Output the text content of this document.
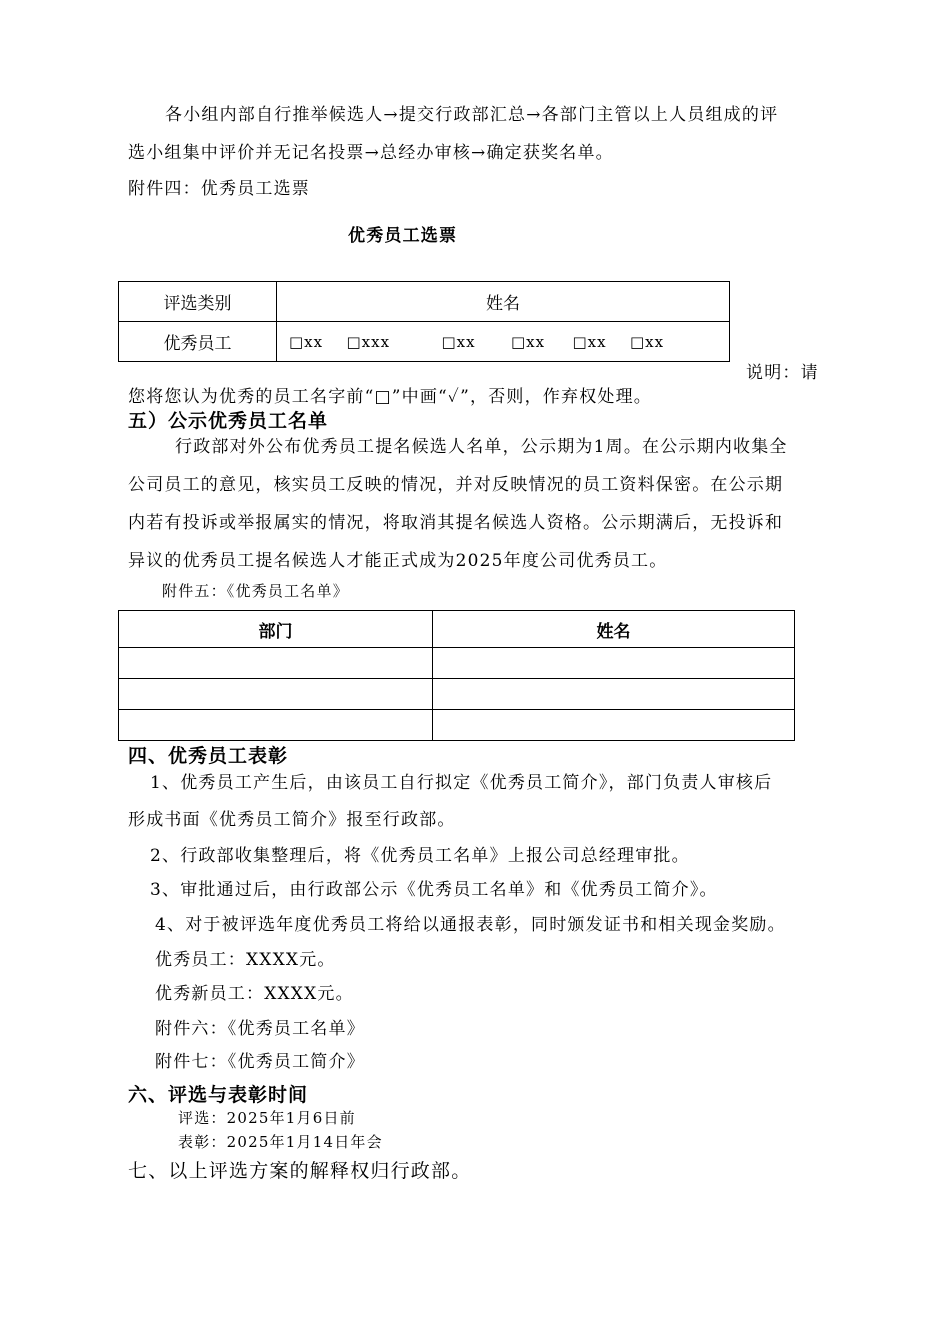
各小组内部自行推举候选人→提交行政部汇总→各部门主管以上人员组成的评
选小组集中评价并无记名投票→总经办审核→确定获奖名单。
附件四：优秀员工选票
优秀员工选票
评选类别	姓名
优秀员工	□xx □xxx □xx □xx □xx □xx
说明：请
您将您认为优秀的员工名字前“□”中画“✓”，否则，作弃权处理。
五）公示优秀员工名单
行政部对外公布优秀员工提名候选人名单，公示期为1周。在公示期内收集全
公司员工的意见，核实员工反映的情况，并对反映情况的员工资料保密。在公示期
内若有投诉或举报属实的情况，将取消其提名候选人资格。公示期满后，无投诉和
异议的优秀员工提名候选人才能正式成为2025年度公司优秀员工。
附件五：《优秀员工名单》
部门	姓名

四、优秀员工表彰
1、优秀员工产生后，由该员工自行拟定《优秀员工简介》，部门负责人审核后
形成书面《优秀员工简介》报至行政部。
2、行政部收集整理后，将《优秀员工名单》上报公司总经理审批。
3、审批通过后，由行政部公示《优秀员工名单》和《优秀员工简介》。
4、对于被评选年度优秀员工将给以通报表彰，同时颁发证书和相关现金奖励。
优秀员工：XXXX元。
优秀新员工：XXXX元。
附件六：《优秀员工名单》
附件七：《优秀员工简介》
六、评选与表彰时间
评选：2025年1月6日前
表彰：2025年1月14日年会
七、以上评选方案的解释权归行政部。
